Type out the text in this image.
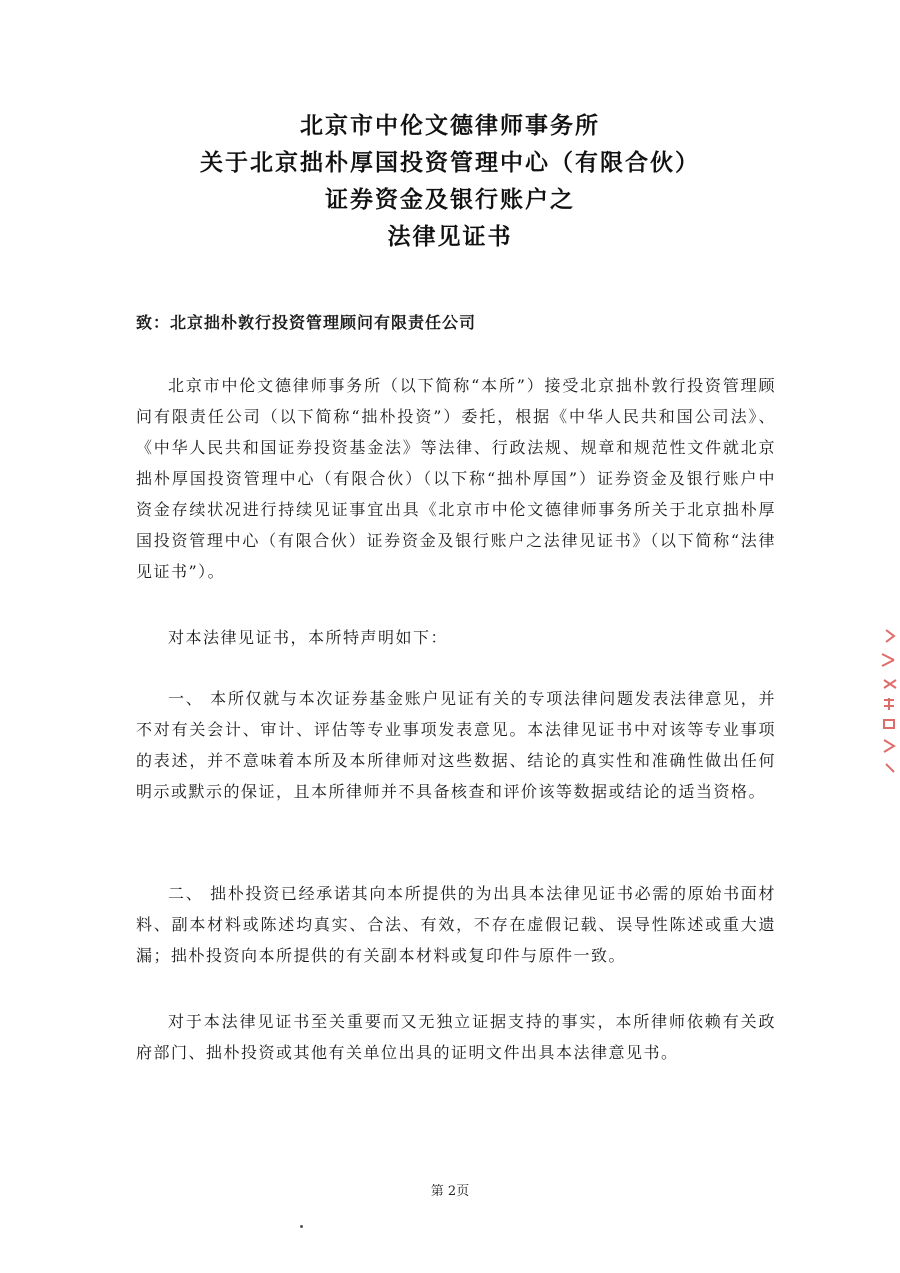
北京市中伦文德律师事务所
关于北京拙朴厚国投资管理中心（有限合伙）
证券资金及银行账户之
法律见证书
致：北京拙朴敦行投资管理顾问有限责任公司

北京市中伦文德律师事务所（以下简称“本所”）接受北京拙朴敦行投资管理顾问有限责任公司（以下简称“拙朴投资”）委托，根据《中华人民共和国公司法》、《中华人民共和国证券投资基金法》等法律、行政法规、规章和规范性文件就北京拙朴厚国投资管理中心（有限合伙）（以下称“拙朴厚国”）证券资金及银行账户中资金存续状况进行持续见证事宜出具《北京市中伦文德律师事务所关于北京拙朴厚国投资管理中心（有限合伙）证券资金及银行账户之法律见证书》（以下简称“法律见证书”）。

对本法律见证书，本所特声明如下：

一、 本所仅就与本次证券基金账户见证有关的专项法律问题发表法律意见，并不对有关会计、审计、评估等专业事项发表意见。本法律见证书中对该等专业事项的表述，并不意味着本所及本所律师对这些数据、结论的真实性和准确性做出任何明示或默示的保证，且本所律师并不具备核查和评价该等数据或结论的适当资格。

二、 拙朴投资已经承诺其向本所提供的为出具本法律见证书必需的原始书面材料、副本材料或陈述均真实、合法、有效，不存在虚假记载、误导性陈述或重大遗漏；拙朴投资向本所提供的有关副本材料或复印件与原件一致。

对于本法律见证书至关重要而又无独立证据支持的事实，本所律师依赖有关政府部门、拙朴投资或其他有关单位出具的证明文件出具本法律意见书。

第 2页
